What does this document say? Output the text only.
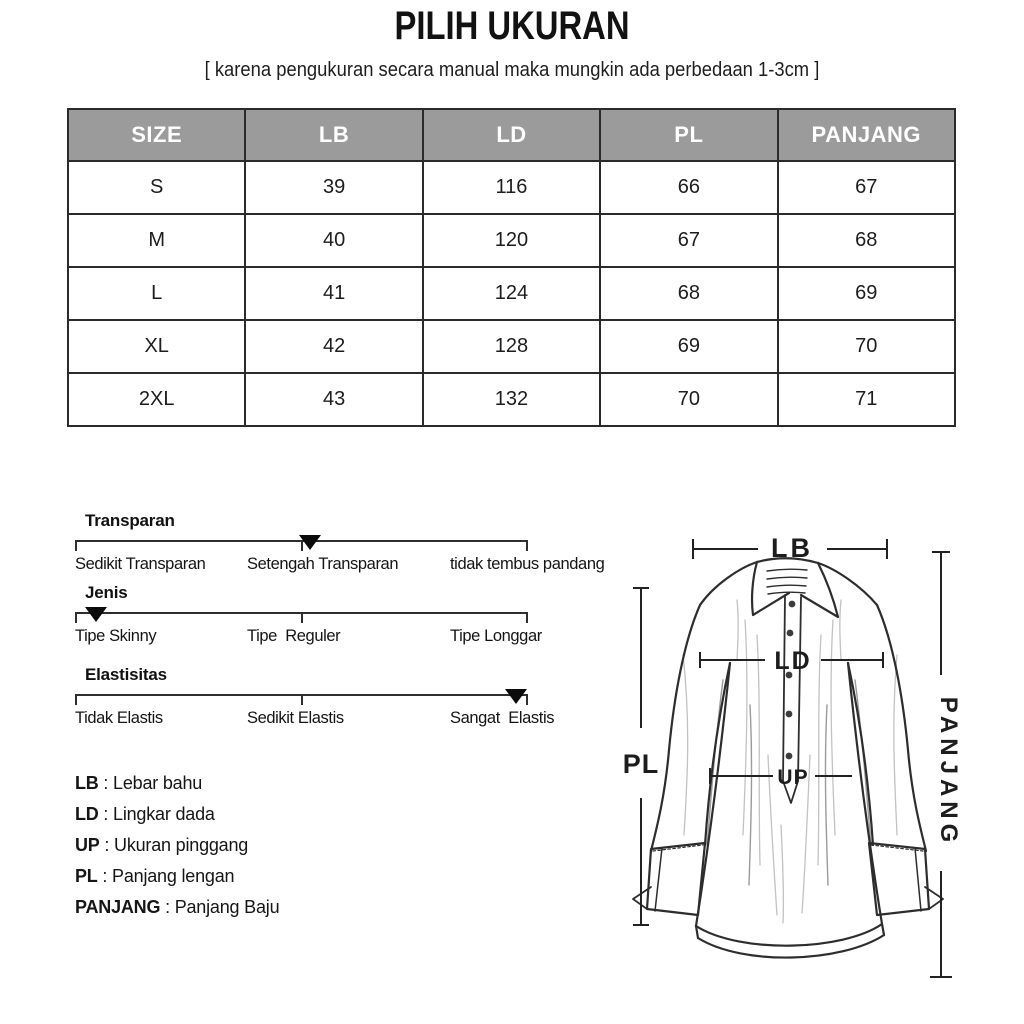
PILIH UKURAN
[ karena pengukuran secara manual maka mungkin ada perbedaan 1-3cm ]
SIZE	LB	LD	PL	PANJANG
S	39	116	66	67
M	40	120	67	68
L	41	124	68	69
XL	42	128	69	70
2XL	43	132	70	71
Transparan
Sedikit Transparan	Setengah Transparan	tidak tembus pandang
Jenis
Tipe Skinny	Tipe  Reguler	Tipe Longgar
Elastisitas
Tidak Elastis	Sedikit Elastis	Sangat  Elastis
LB : Lebar bahu
LD : Lingkar dada
UP : Ukuran pinggang
PL : Panjang lengan
PANJANG : Panjang Baju
LB
LD
UP
PL	PANJANG
